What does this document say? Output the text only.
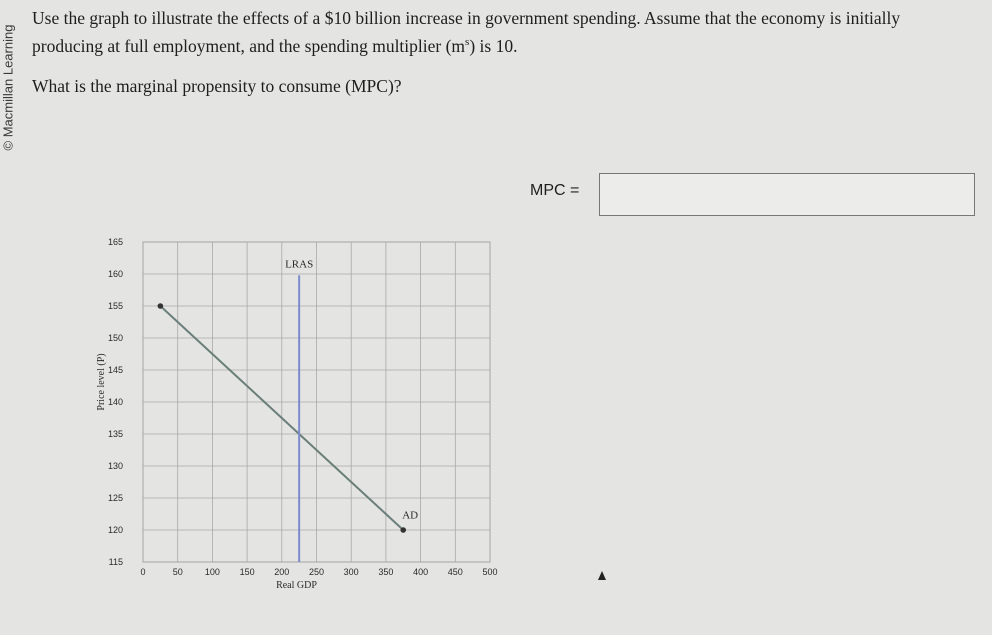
© Macmillan Learning
Use the graph to illustrate the effects of a $10 billion increase in government spending. Assume that the economy is initially
producing at full employment, and the spending multiplier $(m^s)$ is 10.
What is the marginal propensity to consume (MPC)?
MPC =
115
120
125
130
135
140
145
150
155
160
165
0	50 100 150 200 250 300 350 400 450 500
Real GDP
Price level (P)
LRAS
AD
